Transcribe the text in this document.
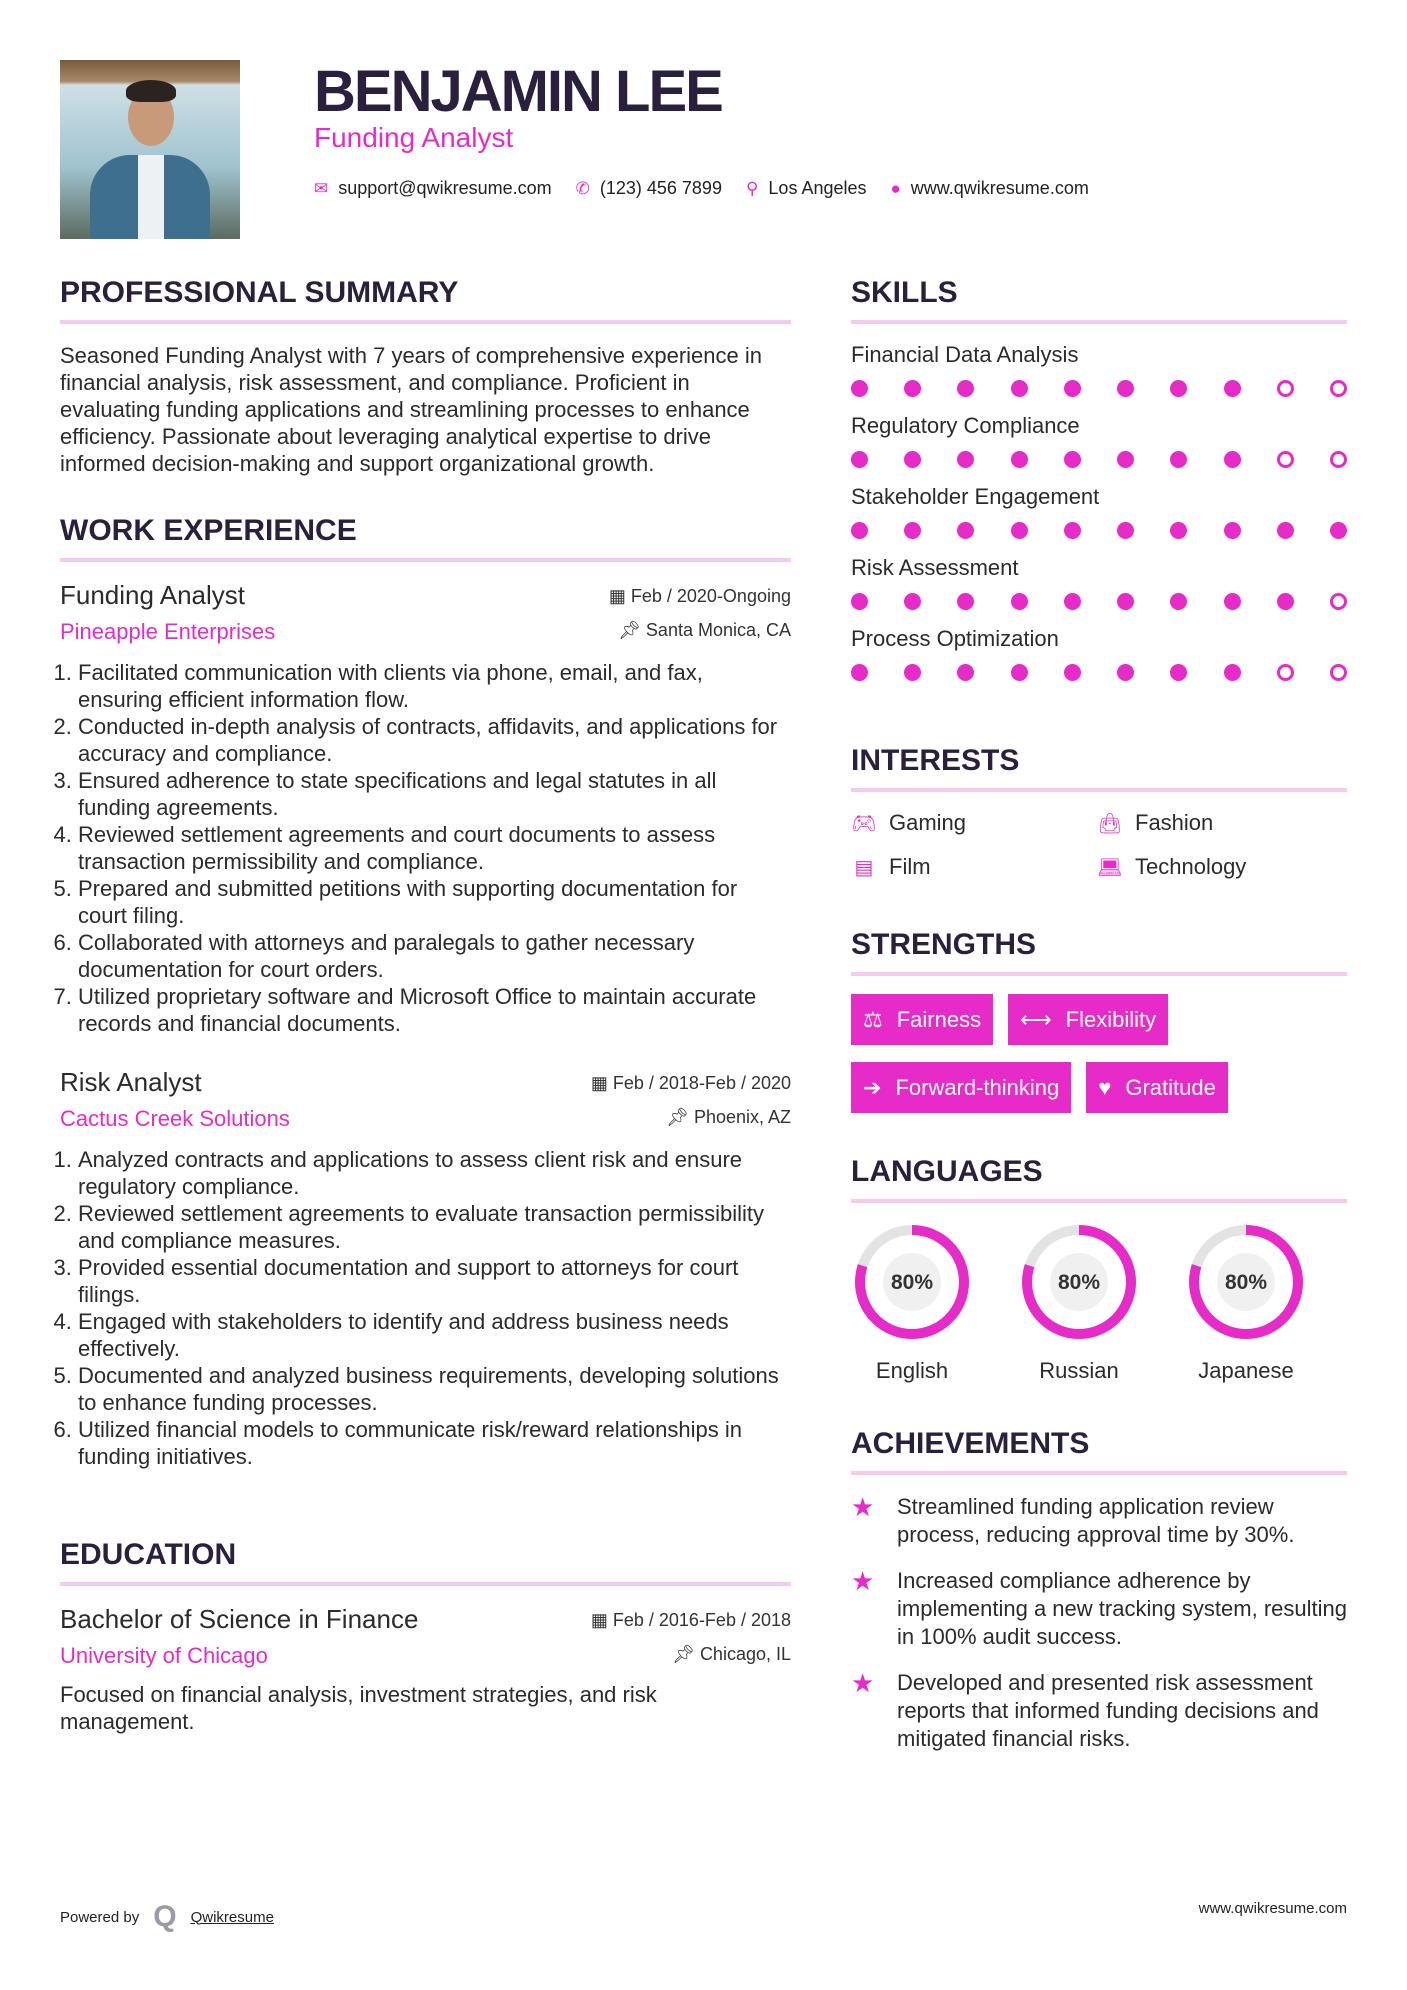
BENJAMIN LEE
Funding Analyst
✉ support@qwikresume.com ✆ (123) 456 7899 ⚲ Los Angeles ● www.qwikresume.com
PROFESSIONAL SUMMARY

Seasoned Funding Analyst with 7 years of comprehensive experience in financial analysis, risk assessment, and compliance. Proficient in evaluating funding applications and streamlining processes to enhance efficiency. Passionate about leveraging analytical expertise to drive informed decision-making and support organizational growth.

WORK EXPERIENCE
Funding Analyst
Pineapple Enterprises
▦ Feb / 2020-Ongoing
📌︎ Santa Monica, CA
1. Facilitated communication with clients via phone, email, and fax, ensuring efficient information flow.
2. Conducted in-depth analysis of contracts, affidavits, and applications for accuracy and compliance.
3. Ensured adherence to state specifications and legal statutes in all funding agreements.
4. Reviewed settlement agreements and court documents to assess transaction permissibility and compliance.
5. Prepared and submitted petitions with supporting documentation for court filing.
6. Collaborated with attorneys and paralegals to gather necessary documentation for court orders.
7. Utilized proprietary software and Microsoft Office to maintain accurate records and financial documents.
Risk Analyst
Cactus Creek Solutions
▦ Feb / 2018-Feb / 2020
📌︎ Phoenix, AZ
1. Analyzed contracts and applications to assess client risk and ensure regulatory compliance.
2. Reviewed settlement agreements to evaluate transaction permissibility and compliance measures.
3. Provided essential documentation and support to attorneys for court filings.
4. Engaged with stakeholders to identify and address business needs effectively.
5. Documented and analyzed business requirements, developing solutions to enhance funding processes.
6. Utilized financial models to communicate risk/reward relationships in funding initiatives.
EDUCATION
Bachelor of Science in Finance
University of Chicago
▦ Feb / 2016-Feb / 2018
📌︎ Chicago, IL

Focused on financial analysis, investment strategies, and risk management.

SKILLS
Financial Data Analysis
Regulatory Compliance
Stakeholder Engagement
Risk Assessment
Process Optimization
INTERESTS
🎮︎ Gaming	👜︎ Fashion
▤ Film	💻︎ Technology
STRENGTHS
⚖ Fairness ⟷ Flexibility
➔ Forward-thinking ♥ Gratitude
LANGUAGES
80%
English
80%
Russian
80%
Japanese
ACHIEVEMENTS
★	Streamlined funding application review process, reducing approval time by 30%.
★	Increased compliance adherence by implementing a new tracking system, resulting in 100% audit success.
★	Developed and presented risk assessment reports that informed funding decisions and mitigated financial risks.
Powered by Q Qwikresume	www.qwikresume.com
